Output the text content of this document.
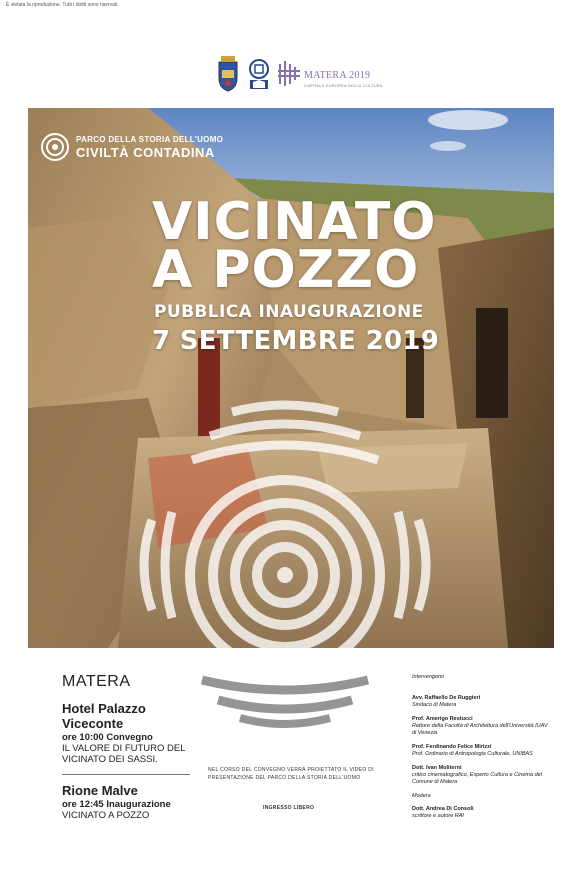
È vietata la riproduzione. Tutti i diritti sono riservati
MATERA 2019
CAPITALE EUROPEA DELLA CULTURA
PARCO DELLA STORIA DELL'UOMO
CIVILTÀ CONTADINA
VICINATO
A POZZO
PUBBLICA INAUGURAZIONE
7 SETTEMBRE 2019
MATERA
Hotel Palazzo Viceconte
ore 10:00 Convegno
IL VALORE DI FUTURO DEL VICINATO DEI SASSI.
Rione Malve
ore 12:45 Inaugurazione
VICINATO A POZZO
NEL CORSO DEL CONVEGNO VERRÀ PROIETTATO IL VIDEO DI PRESENTAZIONE DEL PARCO DELLA STORIA DELL'UOMO
INGRESSO LIBERO
Intervengono
Avv. Raffaello De Ruggieri
Sindaco di Matera
Prof. Amerigo Restucci
Rettore della Facoltà di Architettura dell'Università IUAV di Venezia
Prof. Ferdinando Felice Mirizzi
Prof. Ordinario di Antropologia Culturale, UNIBAS
Dott. Ivan Moliterni
critico cinematografico, Esperto Cultura e Cinema del Comune di Matera
Modera
Dott. Andrea Di Consoli
scrittore e autore RAI
